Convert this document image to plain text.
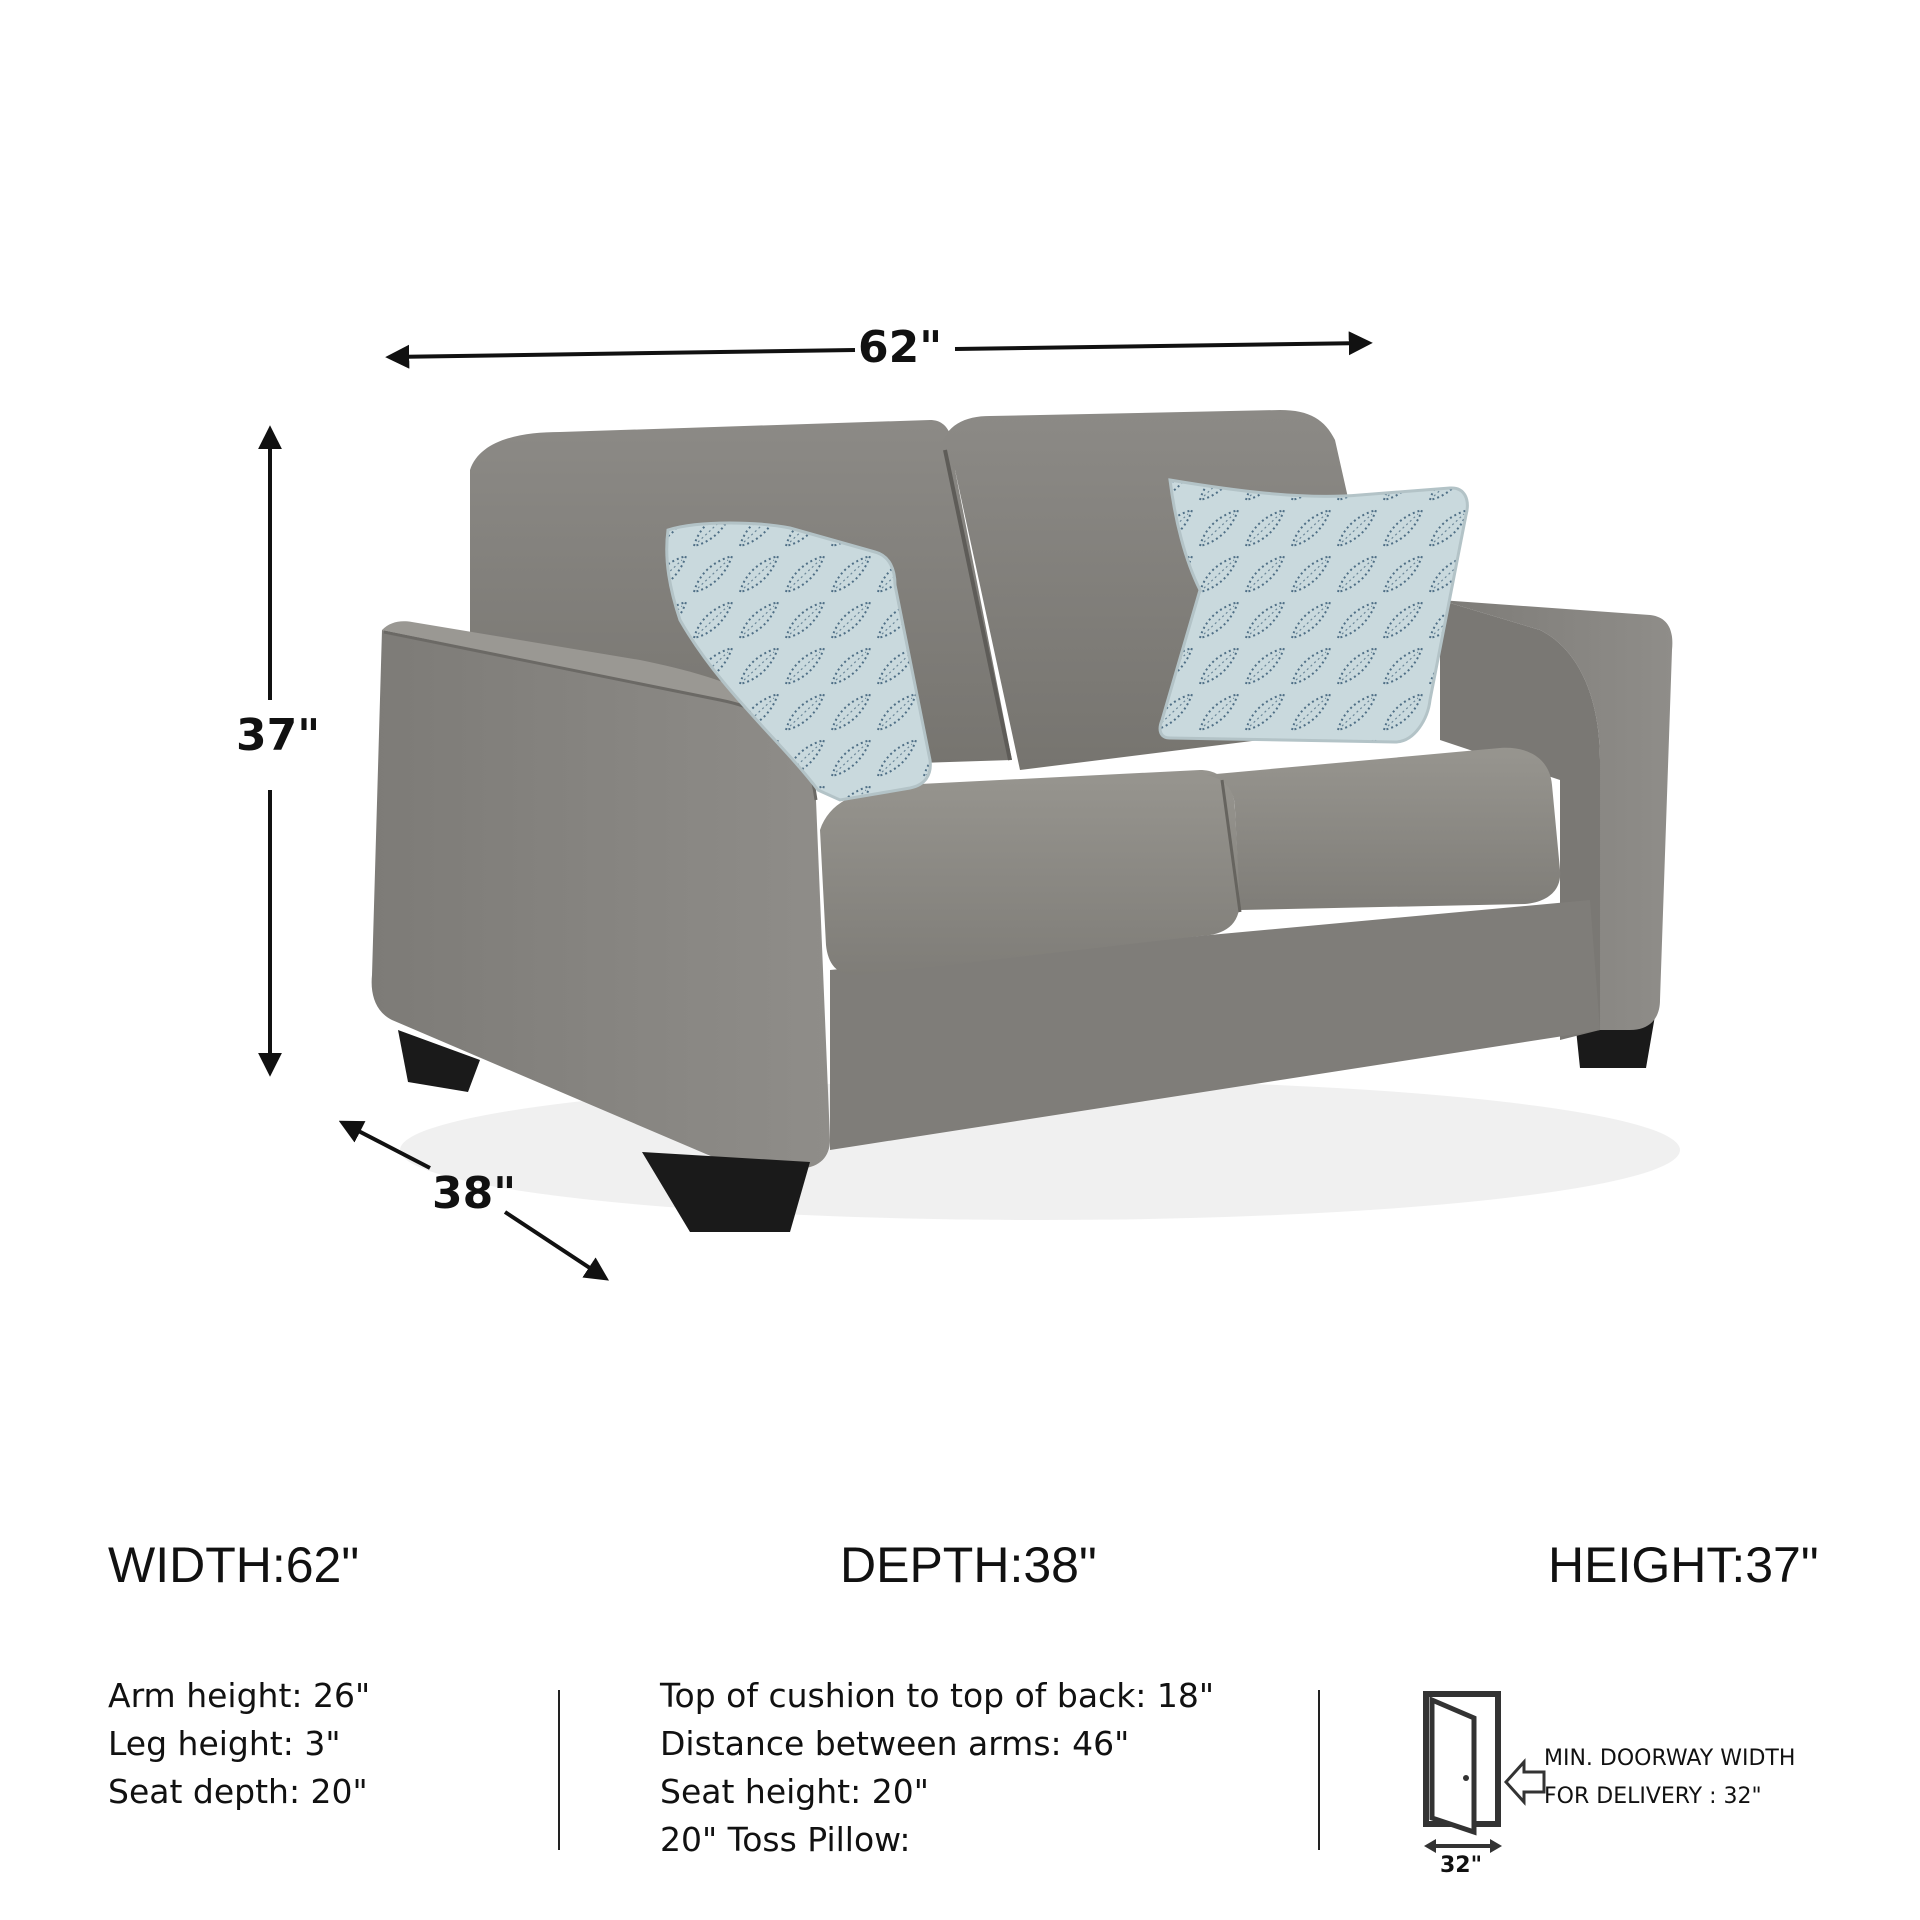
62"
37"
38"
WIDTH:62"	DEPTH:38"	HEIGHT:37"
Arm height: 26"
Leg height: 3"
Seat depth: 20"
Top of cushion to top of back: 18"
Distance between arms: 46"
Seat height: 20"
20" Toss Pillow:
MIN. DOORWAY WIDTH
FOR DELIVERY : 32"
32"
